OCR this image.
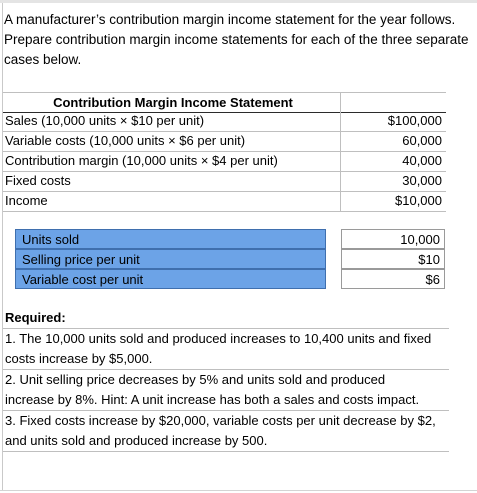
A manufacturer’s contribution margin income statement for the year follows.
Prepare contribution margin income statements for each of the three separate
cases below.
Contribution Margin Income Statement
Sales (10,000 units × $10 per unit)	$100,000
Variable costs (10,000 units × $6 per unit)	60,000
Contribution margin (10,000 units × $4 per unit)	40,000
Fixed costs	30,000
Income	$10,000
Units sold	10,000
Selling price per unit	$10
Variable cost per unit	$6
Required:
1. The 10,000 units sold and produced increases to 10,400 units and fixed
costs increase by $5,000.
2. Unit selling price decreases by 5% and units sold and produced
increase by 8%. Hint: A unit increase has both a sales and costs impact.
3. Fixed costs increase by $20,000, variable costs per unit decrease by $2,
and units sold and produced increase by 500.
